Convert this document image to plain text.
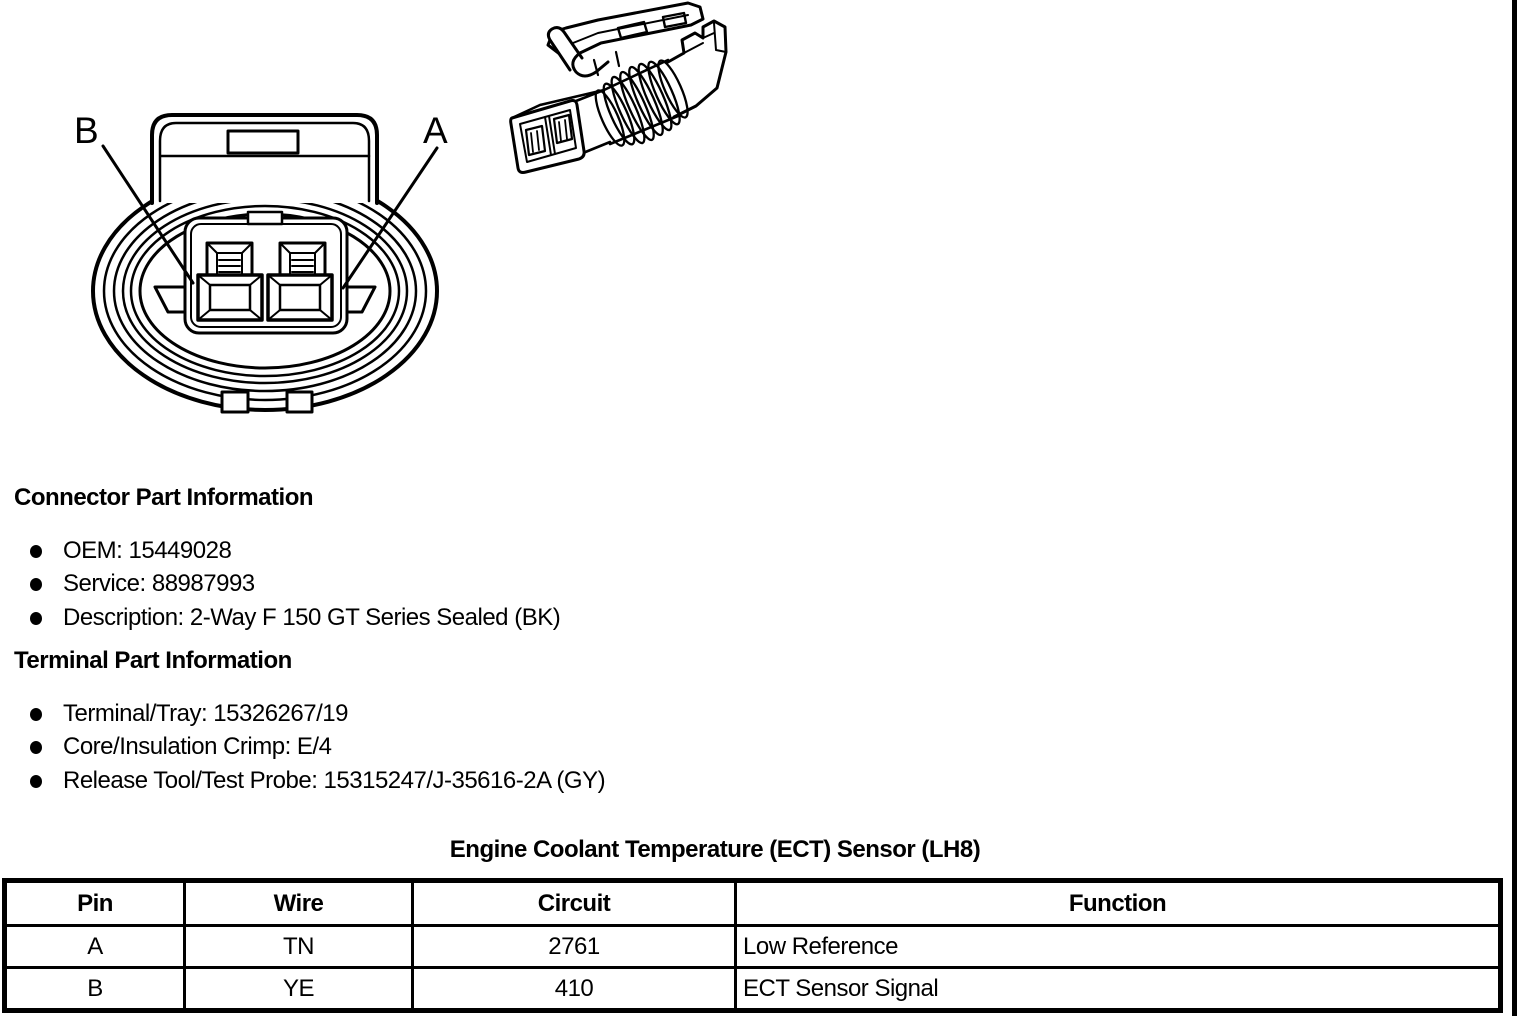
B	A
Connector Part Information
OEM: 15449028
Service: 88987993
Description: 2-Way F 150 GT Series Sealed (BK)
Terminal Part Information
Terminal/Tray: 15326267/19
Core/Insulation Crimp: E/4
Release Tool/Test Probe: 15315247/J-35616-2A (GY)
Engine Coolant Temperature (ECT) Sensor (LH8)
Pin	Wire	Circuit	Function
A	TN	2761	Low Reference
B	YE	410	ECT Sensor Signal
